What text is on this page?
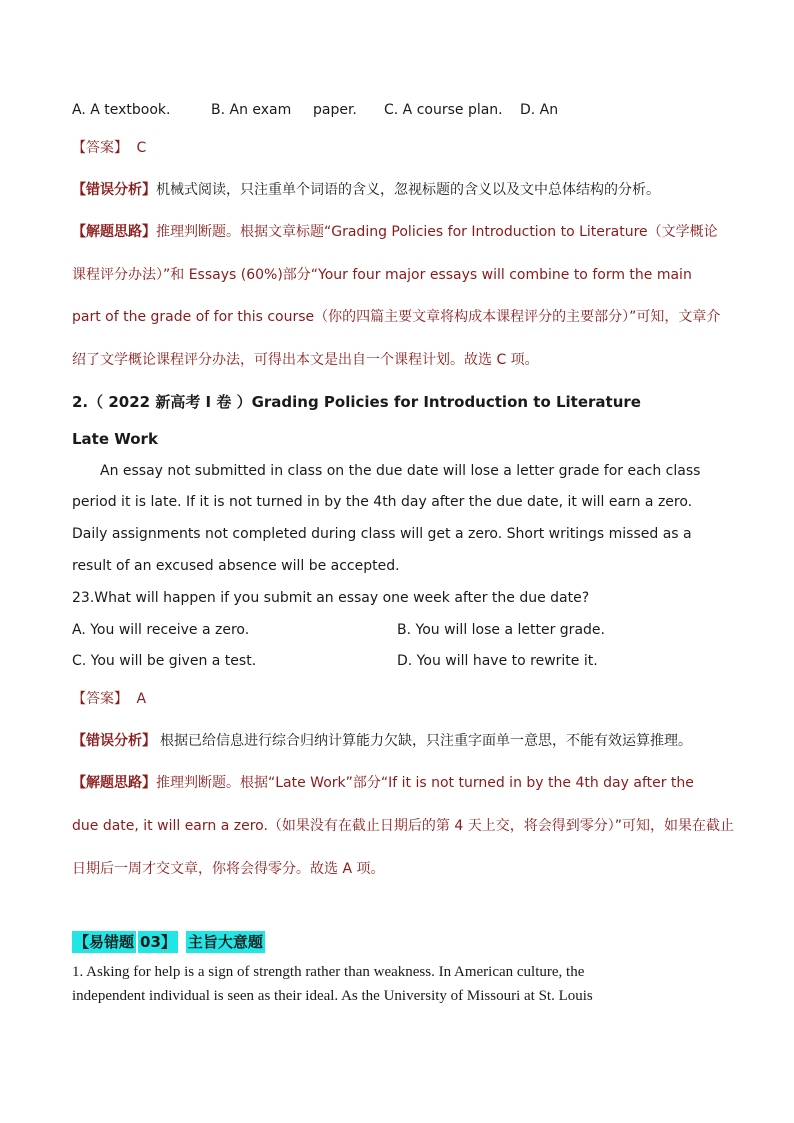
A. A textbook.	B. An exam paper. C. A course plan. D. An
【答案】 C
【错误分析】机械式阅读，只注重单个词语的含义，忽视标题的含义以及文中总体结构的分析。
【解题思路】推理判断题。根据文章标题“Grading Policies for Introduction to Literature（文学概论
课程评分办法）”和 Essays (60%)部分“Your four major essays will combine to form the main
part of the grade of for this course（你的四篇主要文章将构成本课程评分的主要部分）”可知，文章介
绍了文学概论课程评分办法，可得出本文是出自一个课程计划。故选 C 项。
2.（ 2022 新高考 I 卷 ）Grading Policies for Introduction to Literature
Late Work
An essay not submitted in class on the due date will lose a letter grade for each class
period it is late. If it is not turned in by the 4th day after the due date, it will earn a zero.
Daily assignments not completed during class will get a zero. Short writings missed as a
result of an excused absence will be accepted.
23.What will happen if you submit an essay one week after the due date?
A. You will receive a zero.	B. You will lose a letter grade.
C. You will be given a test.	D. You will have to rewrite it.
【答案】 A
【错误分析】 根据已给信息进行综合归纳计算能力欠缺，只注重字面单一意思，不能有效运算推理。
【解题思路】推理判断题。根据“Late Work”部分“If it is not turned in by the 4th day after the
due date, it will earn a zero.（如果没有在截止日期后的第 4 天上交，将会得到零分）”可知，如果在截止
日期后一周才交文章，你将会得零分。故选 A 项。
【易错题 03】 主旨大意题
1. Asking for help is a sign of strength rather than weakness. In American culture, the
independent individual is seen as their ideal. As the University of Missouri at St. Louis
